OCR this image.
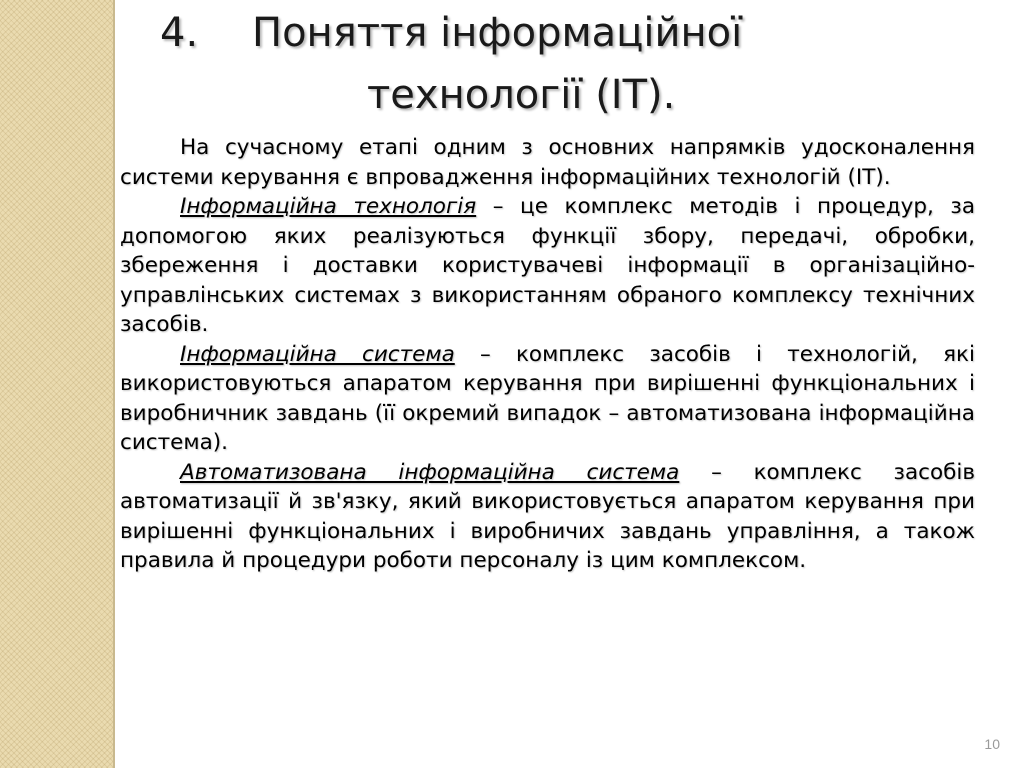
4. Поняття інформаційної
технології (ІТ).

На сучасному етапі одним з основних напрямків удосконалення системи керування є впровадження інформаційних технологій (ІТ).

Інформаційна технологія – це комплекс методів і процедур, за допомогою яких реалізуються функції збору, передачі, обробки, збереження і доставки користувачеві інформації в організаційно-управлінських системах з використанням обраного комплексу технічних засобів.

Інформаційна система – комплекс засобів і технологій, які використовуються апаратом керування при вирішенні функціональних і виробничник завдань (її окремий випадок – автоматизована інформаційна система).

Автоматизована інформаційна система – комплекс засобів автоматизації й зв'язку, який використовується апаратом керування при вирішенні функціональних і виробничих завдань управління, а також правила й процедури роботи персоналу із цим комплексом.

10
